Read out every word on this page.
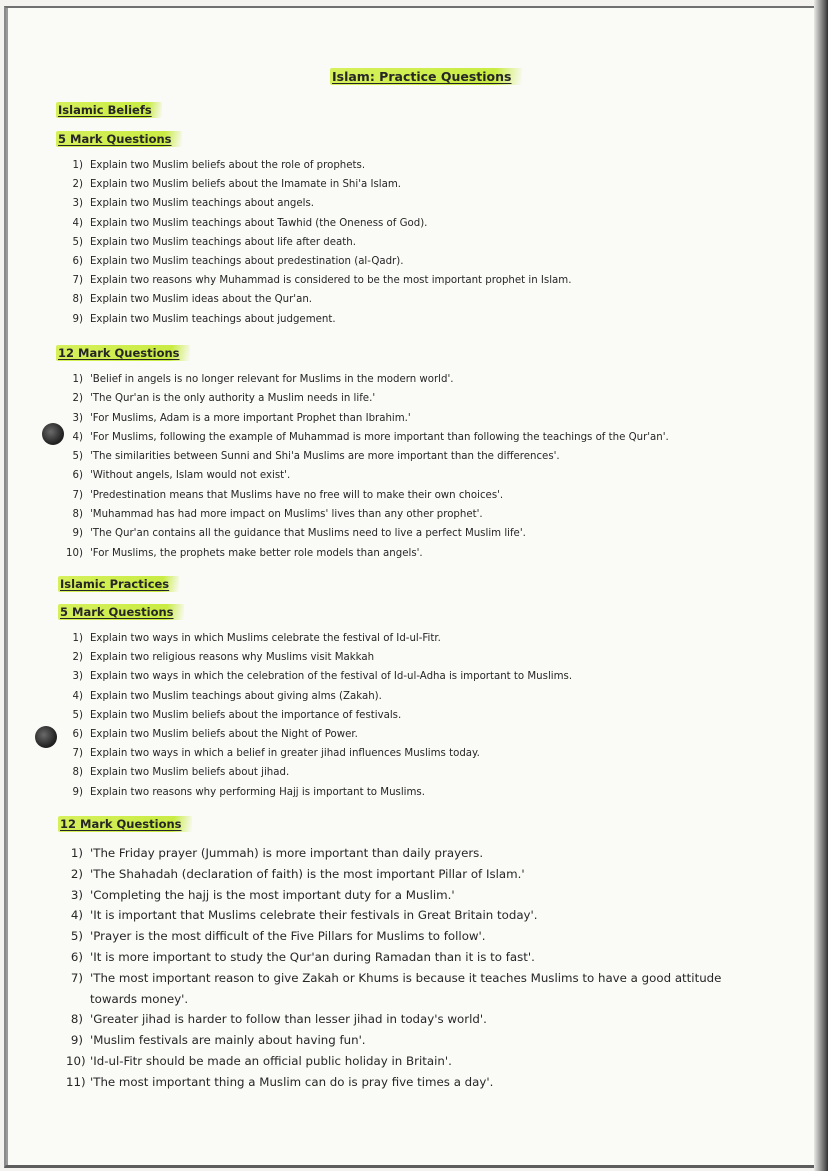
Islam: Practice Questions
Islamic Beliefs
5 Mark Questions
1) Explain two Muslim beliefs about the role of prophets.
2) Explain two Muslim beliefs about the Imamate in Shi'a Islam.
3) Explain two Muslim teachings about angels.
4) Explain two Muslim teachings about Tawhid (the Oneness of God).
5) Explain two Muslim teachings about life after death.
6) Explain two Muslim teachings about predestination (al-Qadr).
7) Explain two reasons why Muhammad is considered to be the most important prophet in Islam.
8) Explain two Muslim ideas about the Qur'an.
9) Explain two Muslim teachings about judgement.
12 Mark Questions
1) 'Belief in angels is no longer relevant for Muslims in the modern world'.
2) 'The Qur'an is the only authority a Muslim needs in life.'
3) 'For Muslims, Adam is a more important Prophet than Ibrahim.'
4) 'For Muslims, following the example of Muhammad is more important than following the teachings of the Qur'an'.
5) 'The similarities between Sunni and Shi'a Muslims are more important than the differences'.
6) 'Without angels, Islam would not exist'.
7) 'Predestination means that Muslims have no free will to make their own choices'.
8) 'Muhammad has had more impact on Muslims' lives than any other prophet'.
9) 'The Qur'an contains all the guidance that Muslims need to live a perfect Muslim life'.
10) 'For Muslims, the prophets make better role models than angels'.
Islamic Practices
5 Mark Questions
1) Explain two ways in which Muslims celebrate the festival of Id-ul-Fitr.
2) Explain two religious reasons why Muslims visit Makkah
3) Explain two ways in which the celebration of the festival of Id-ul-Adha is important to Muslims.
4) Explain two Muslim teachings about giving alms (Zakah).
5) Explain two Muslim beliefs about the importance of festivals.
6) Explain two Muslim beliefs about the Night of Power.
7) Explain two ways in which a belief in greater jihad influences Muslims today.
8) Explain two Muslim beliefs about jihad.
9) Explain two reasons why performing Hajj is important to Muslims.
12 Mark Questions
1) 'The Friday prayer (Jummah) is more important than daily prayers.
2) 'The Shahadah (declaration of faith) is the most important Pillar of Islam.'
3) 'Completing the hajj is the most important duty for a Muslim.'
4) 'It is important that Muslims celebrate their festivals in Great Britain today'.
5) 'Prayer is the most difficult of the Five Pillars for Muslims to follow'.
6) 'It is more important to study the Qur'an during Ramadan than it is to fast'.
7) 'The most important reason to give Zakah or Khums is because it teaches Muslims to have a good attitude towards money'.
8) 'Greater jihad is harder to follow than lesser jihad in today's world'.
9) 'Muslim festivals are mainly about having fun'.
10) 'Id-ul-Fitr should be made an official public holiday in Britain'.
11) 'The most important thing a Muslim can do is pray five times a day'.
